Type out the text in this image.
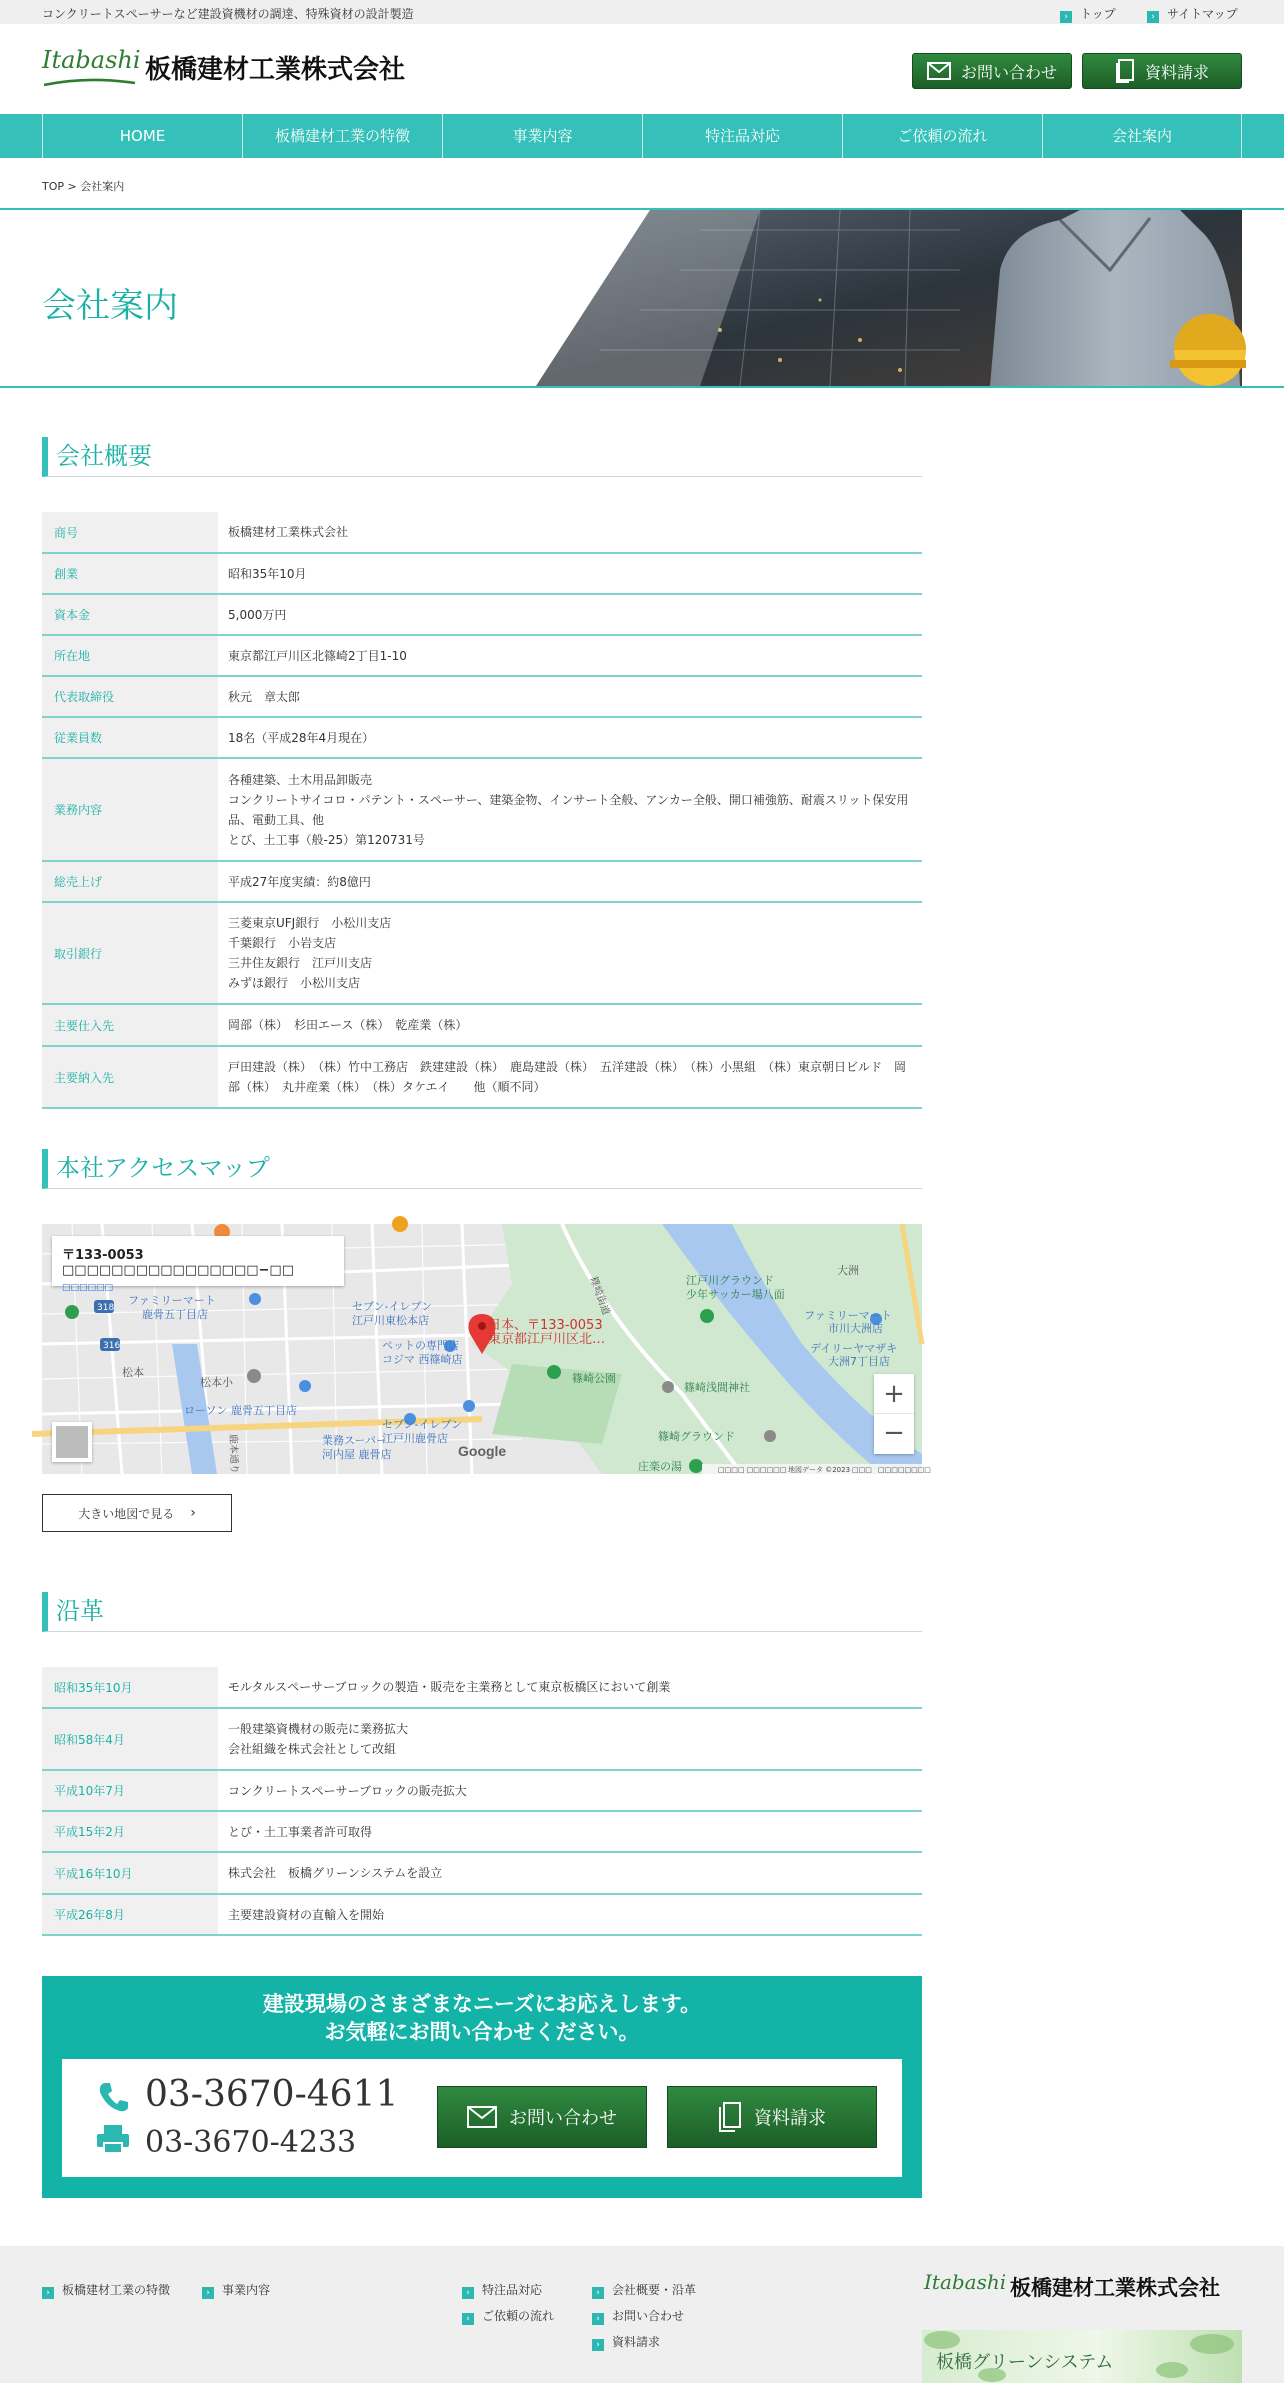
コンクリートスペーサーなど建設資機材の調達、特殊資材の設計製造	› トップ	› サイトマップ
Itabashi 板橋建材工業株式会社	お問い合わせ	資料請求
HOME	板橋建材工業の特徴	事業内容	特注品対応	ご依頼の流れ	会社案内
TOP > 会社案内
会社案内
会社概要
商号	板橋建材工業株式会社
創業	昭和35年10月
資本金	5,000万円
所在地	東京都江戸川区北篠崎2丁目1-10
代表取締役	秋元　章太郎
従業員数	18名（平成28年4月現在）
業務内容	各種建築、土木用品卸販売
コンクリートサイコロ・パテント・スペーサー、建築金物、インサート全般、アンカー全般、開口補強筋、耐震スリット保安用品、電動工具、他
とび、土工事（般-25）第120731号

総売上げ	平成27年度実績：約8億円
取引銀行	三菱東京UFJ銀行　小松川支店
千葉銀行　小岩支店
三井住友銀行　江戸川支店
みずほ銀行　小松川支店

主要仕入先	岡部（株）　杉田エース（株）　乾産業（株）
主要納入先	戸田建設（株）　（株）竹中工務店　鉄建建設（株）　鹿島建設（株）　五洋建設（株）　（株）小黒組　（株）東京朝日ビルド　岡部（株）　丸井産業（株）　（株）タケエイ　　他（順不同）
本社アクセスマップ
ファミリーマート
鹿骨五丁目店
セブン-イレブン
江戸川東松本店
セブン-イレブン
江戸川鹿骨店
ローソン 鹿骨五丁目店
業務スーパー
河内屋 鹿骨店
ペットの専門店
コジマ 西篠崎店
ファミリーマート
市川大洲店
デイリーヤマザキ
大洲7丁目店
篠崎公園
篠崎浅間神社
篠崎グラウンド
江戸川グラウンド
少年サッカー場八面
庄楽の湯
松本
松本小
大洲
篠崎街道
鹿本通り
318
316
日本、〒133-0053
東京都江戸川区北…
Google
□□□□ □□□□□□ 地図データ ©2023 □□□ □□□□□□□□
〒133-0053 □□□□□□□□□□□□□□□□−□□
□□□□□□
+
−
大きい地図で見る ›
沿革
昭和35年10月	モルタルスペーサーブロックの製造・販売を主業務として東京板橋区において創業
昭和58年4月	一般建築資機材の販売に業務拡大
会社組織を株式会社として改組

平成10年7月	コンクリートスペーサーブロックの販売拡大
平成15年2月	とび・土工事業者許可取得
平成16年10月	株式会社　板橋グリーンシステムを設立
平成26年8月	主要建設資材の直輸入を開始
建設現場のさまざまなニーズにお応えします。
お気軽にお問い合わせください。
03-3670-4611
03-3670-4233
お問い合わせ	資料請求
› 板橋建材工業の特徴	› 事業内容	› 特注品対応
› ご依頼の流れ
› 会社概要・沿革
› お問い合わせ
› 資料請求
Itabashi 板橋建材工業株式会社
板橋グリーンシステム
